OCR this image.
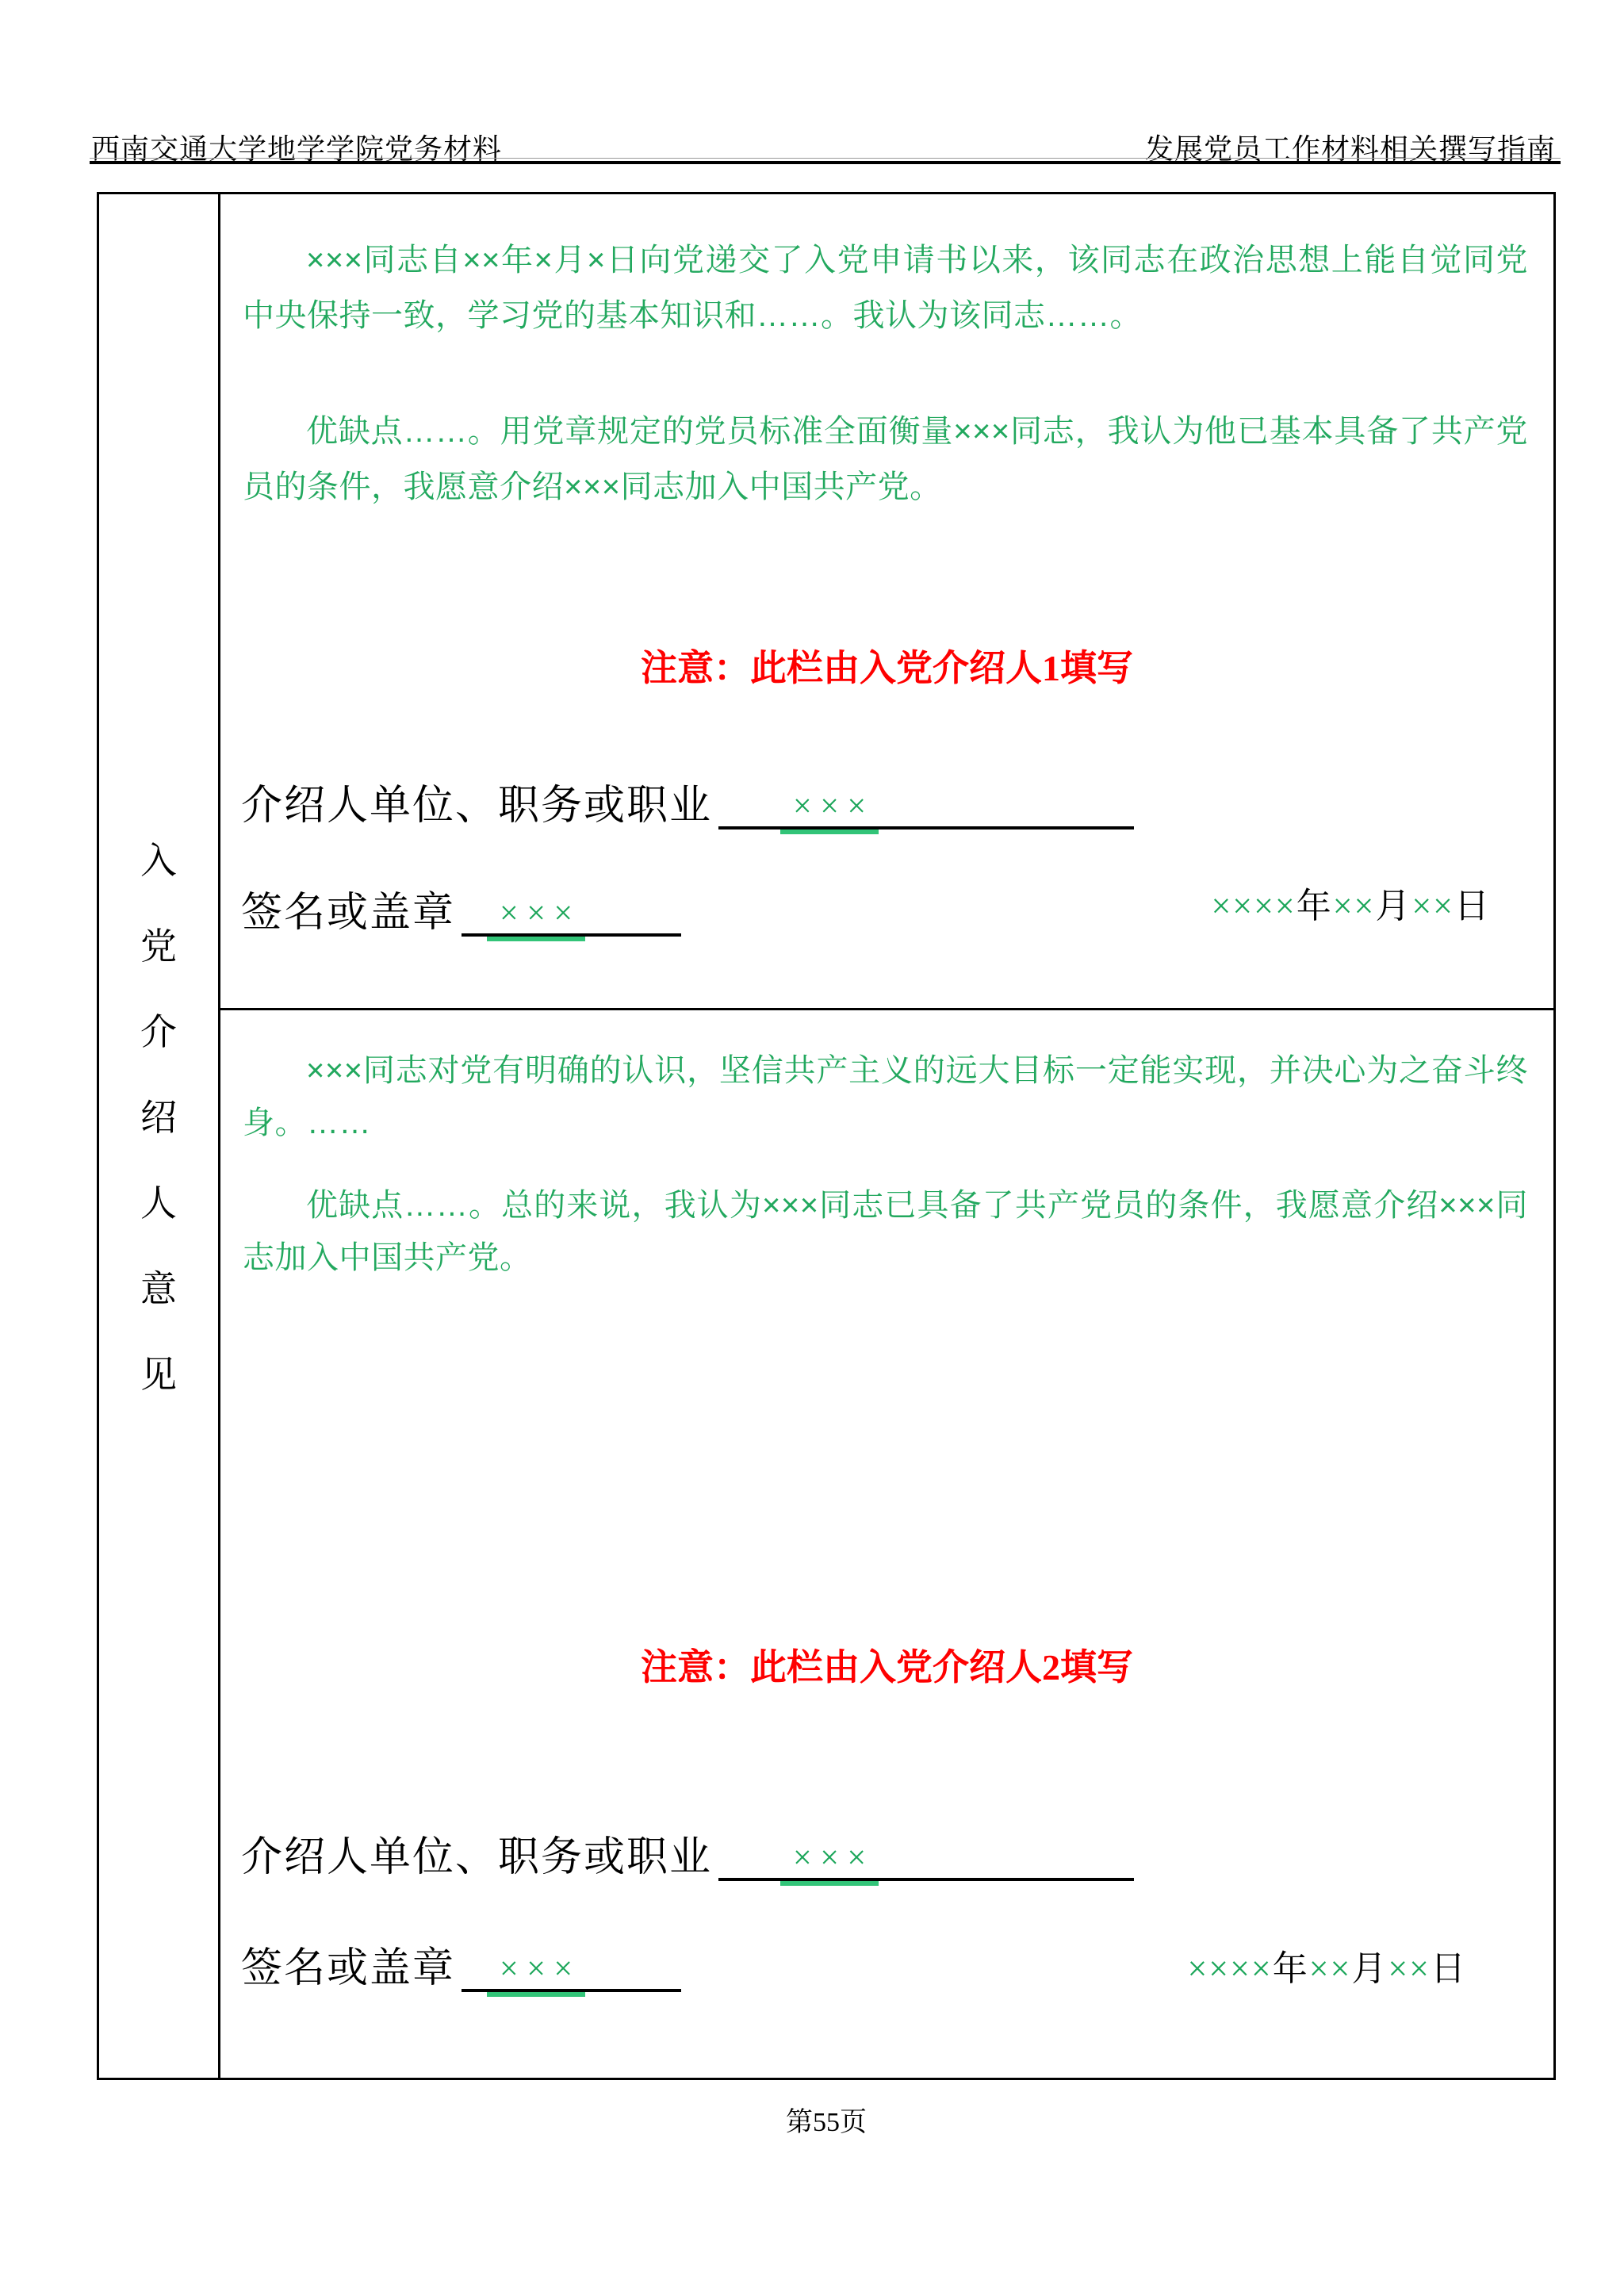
西南交通大学地学学院党务材料	发展党员工作材料相关撰写指南
入
党
介
绍
人
意
见
×××同志自××年×月×日向党递交了入党申请书以来，该同志在政治思想上能自觉同党中央保持一致，学习党的基本知识和……。我认为该同志……。
优缺点……。用党章规定的党员标准全面衡量×××同志，我认为他已基本具备了共产党员的条件，我愿意介绍×××同志加入中国共产党。
注意：此栏由入党介绍人1填写
介绍人单位、职务或职业	× × ×
签名或盖章	× × ×	××××年××月××日
×××同志对党有明确的认识，坚信共产主义的远大目标一定能实现，并决心为之奋斗终身。……
优缺点……。总的来说，我认为×××同志已具备了共产党员的条件，我愿意介绍×××同志加入中国共产党。
注意：此栏由入党介绍人2填写
介绍人单位、职务或职业	× × ×
签名或盖章	× × ×	××××年××月××日
第55页
